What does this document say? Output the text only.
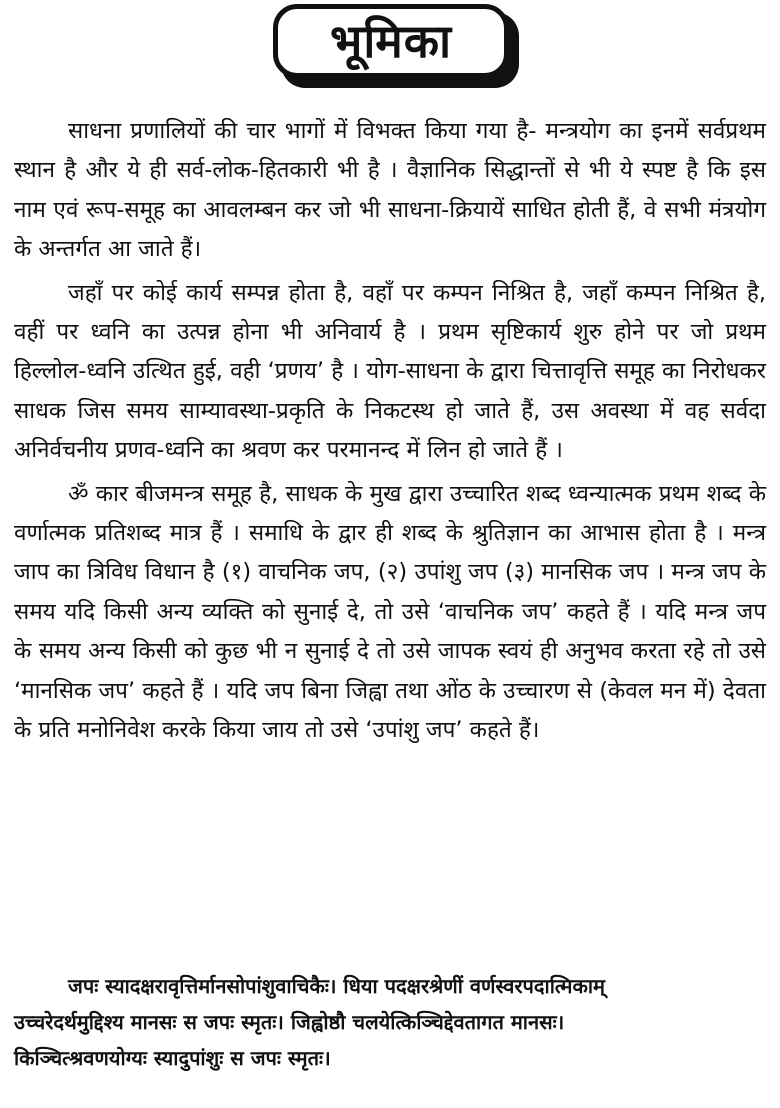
भूमिका

साधना प्रणालियों की चार भागों में विभक्त किया गया है- मन्त्रयोग का इनमें सर्वप्रथम स्थान है और ये ही सर्व-लोक-हितकारी भी है । वैज्ञानिक सिद्धान्तों से भी ये स्पष्ट है कि इस नाम एवं रूप-समूह का आवलम्बन कर जो भी साधना-क्रियायें साधित होती हैं, वे सभी मंत्रयोग के अन्तर्गत आ जाते हैं।

जहाँ पर कोई कार्य सम्पन्न होता है, वहाँ पर कम्पन निश्रित है, जहाँ कम्पन निश्रित है, वहीं पर ध्वनि का उत्पन्न होना भी अनिवार्य है । प्रथम सृष्टिकार्य शुरु होने पर जो प्रथम हिल्लोल-ध्वनि उत्थित हुई, वही ‘प्रणय’ है । योग-साधना के द्वारा चित्तावृत्ति समूह का निरोधकर साधक जिस समय साम्यावस्था-प्रकृति के निकटस्थ हो जाते हैं, उस अवस्था में वह सर्वदा अनिर्वचनीय प्रणव-ध्वनि का श्रवण कर परमानन्द में लिन हो जाते हैं ।

ॐ कार बीजमन्त्र समूह है, साधक के मुख द्वारा उच्चारित शब्द ध्वन्यात्मक प्रथम शब्द के वर्णात्मक प्रतिशब्द मात्र हैं । समाधि के द्वार ही शब्द के श्रुतिज्ञान का आभास होता है । मन्त्र जाप का त्रिविध विधान है (१) वाचनिक जप, (२) उपांशु जप (३) मानसिक जप । मन्त्र जप के समय यदि किसी अन्य व्यक्ति को सुनाई दे, तो उसे ‘वाचनिक जप’ कहते हैं । यदि मन्त्र जप के समय अन्य किसी को कुछ भी न सुनाई दे तो उसे जापक स्वयं ही अनुभव करता रहे तो उसे ‘मानसिक जप’ कहते हैं । यदि जप बिना जिह्वा तथा ओंठ के उच्चारण से (केवल मन में) देवता के प्रति मनोनिवेश करके किया जाय तो उसे ‘उपांशु जप’ कहते हैं।

जपः स्यादक्षरावृत्तिर्मानसोपांशुवाचिकैः। धिया पदक्षरश्रेणीं वर्णस्वरपदात्मिकाम्
उच्चरेदर्थमुद्दिश्य मानसः स जपः स्मृतः। जिह्वोष्ठौ चलयेत्किञ्चिद्देवतागत मानसः।
किञ्चित्श्रवणयोग्यः स्यादुपांशुः स जपः स्मृतः।
